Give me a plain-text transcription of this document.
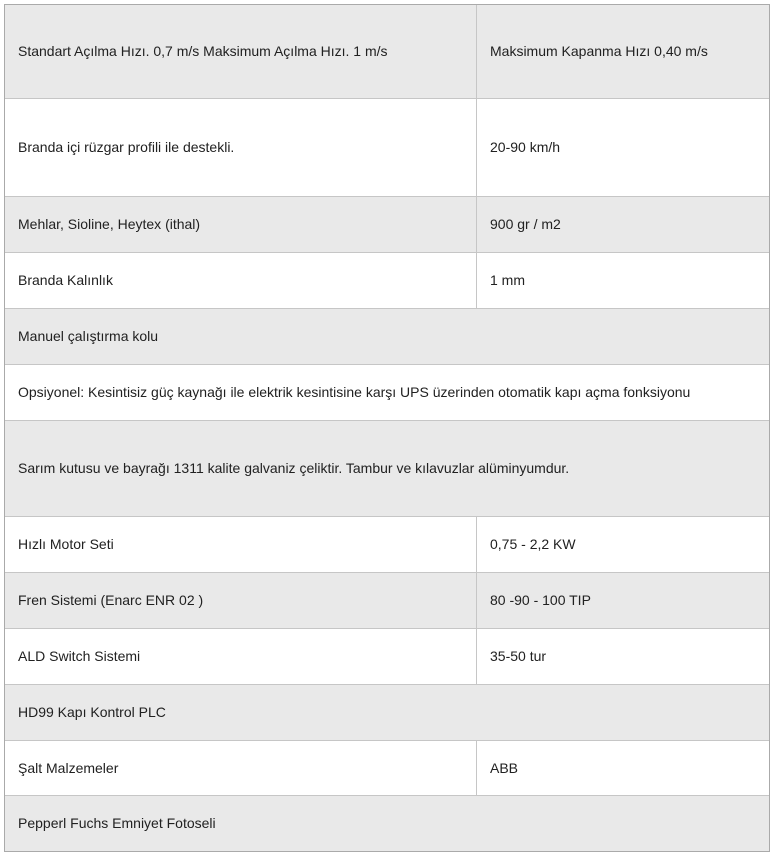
Standart Açılma Hızı. 0,7 m/s Maksimum Açılma Hızı. 1 m/s	Maksimum Kapanma Hızı 0,40 m/s
Branda içi rüzgar profili ile destekli.	20-90 km/h
Mehlar, Sioline, Heytex (ithal)	900 gr / m2
Branda Kalınlık	1 mm
Manuel çalıştırma kolu
Opsiyonel: Kesintisiz güç kaynağı ile elektrik kesintisine karşı UPS üzerinden otomatik kapı açma fonksiyonu
Sarım kutusu ve bayrağı 1311 kalite galvaniz çeliktir. Tambur ve kılavuzlar alüminyumdur.
Hızlı Motor Seti	0,75 - 2,2 KW
Fren Sistemi (Enarc ENR 02 )	80 -90 - 100 TIP
ALD Switch Sistemi	35-50 tur
HD99 Kapı Kontrol PLC
Şalt Malzemeler	ABB
Pepperl Fuchs Emniyet Fotoseli
